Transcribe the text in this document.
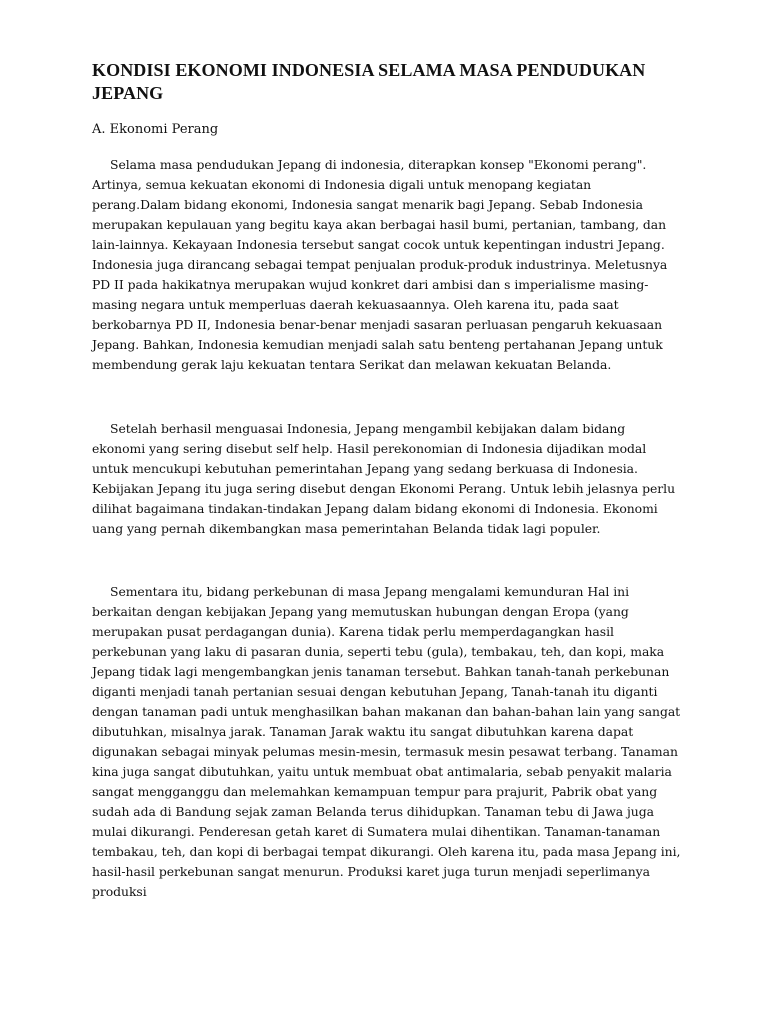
KONDISI EKONOMI INDONESIA SELAMA MASA PENDUDUKAN JEPANG

A. Ekonomi Perang

Selama masa pendudukan Jepang di indonesia, diterapkan konsep "Ekonomi perang". Artinya, semua kekuatan ekonomi di Indonesia digali untuk menopang kegiatan perang.Dalam bidang ekonomi, Indonesia sangat menarik bagi Jepang. Sebab Indonesia merupakan kepulauan yang begitu kaya akan berbagai hasil bumi, pertanian, tambang, dan lain-lainnya. Kekayaan Indonesia tersebut sangat cocok untuk kepentingan industri Jepang. Indonesia juga dirancang sebagai tempat penjualan produk-produk industrinya. Meletusnya PD II pada hakikatnya merupakan wujud konkret dari ambisi dan s imperialisme masing-masing negara untuk memperluas daerah kekuasaannya. Oleh karena itu, pada saat berkobarnya PD II, Indonesia benar-benar menjadi sasaran perluasan pengaruh kekuasaan Jepang. Bahkan, Indonesia kemudian menjadi salah satu benteng pertahanan Jepang untuk membendung gerak laju kekuatan tentara Serikat dan melawan kekuatan Belanda.

Setelah berhasil menguasai Indonesia, Jepang mengambil kebijakan dalam bidang ekonomi yang sering disebut self help. Hasil perekonomian di Indonesia dijadikan modal untuk mencukupi kebutuhan pemerintahan Jepang yang sedang berkuasa di Indonesia. Kebijakan Jepang itu juga sering disebut dengan Ekonomi Perang. Untuk lebih jelasnya perlu dilihat bagaimana tindakan-tindakan Jepang dalam bidang ekonomi di Indonesia. Ekonomi uang yang pernah dikembangkan masa pemerintahan Belanda tidak lagi populer.

Sementara itu, bidang perkebunan di masa Jepang mengalami kemunduran Hal ini berkaitan dengan kebijakan Jepang yang memutuskan hubungan dengan Eropa (yang merupakan pusat perdagangan dunia). Karena tidak perlu memperdagangkan hasil perkebunan yang laku di pasaran dunia, seperti tebu (gula), tembakau, teh, dan kopi, maka Jepang tidak lagi mengembangkan jenis tanaman tersebut. Bahkan tanah-tanah perkebunan diganti menjadi tanah pertanian sesuai dengan kebutuhan Jepang, Tanah-tanah itu diganti dengan tanaman padi untuk menghasilkan bahan makanan dan bahan-bahan lain yang sangat dibutuhkan, misalnya jarak. Tanaman Jarak waktu itu sangat dibutuhkan karena dapat digunakan sebagai minyak pelumas mesin-mesin, termasuk mesin pesawat terbang. Tanaman kina juga sangat dibutuhkan, yaitu untuk membuat obat antimalaria, sebab penyakit malaria sangat mengganggu dan melemahkan kemampuan tempur para prajurit, Pabrik obat yang sudah ada di Bandung sejak zaman Belanda terus dihidupkan. Tanaman tebu di Jawa juga mulai dikurangi. Penderesan getah karet di Sumatera mulai dihentikan. Tanaman-tanaman tembakau, teh, dan kopi di berbagai tempat dikurangi. Oleh karena itu, pada masa Jepang ini, hasil-hasil perkebunan sangat menurun. Produksi karet juga turun menjadi seperlimanya produksi
